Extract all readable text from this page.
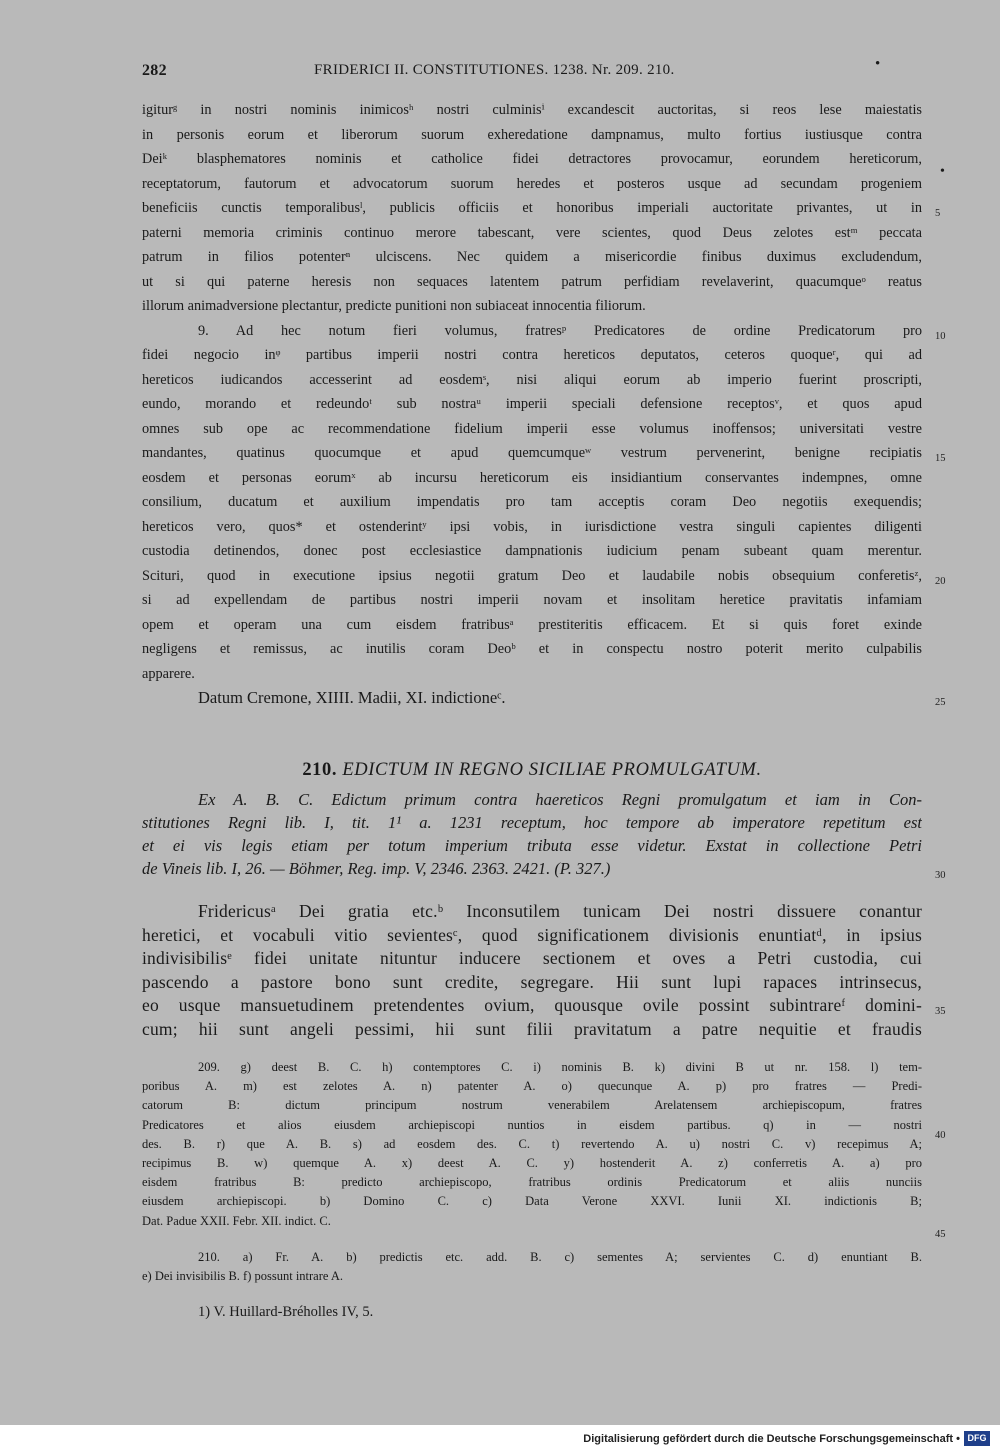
282	FRIDERICI II. CONSTITUTIONES. 1238. Nr. 209. 210.	•
•

igiturᵍ in nostri nominis inimicosʰ nostri culminisⁱ excandescit auctoritas, si reos lese maiestatis

in personis eorum et liberorum suorum exheredatione dampnamus, multo fortius iustiusque contra

Deiᵏ blasphematores nominis et catholice fidei detractores provocamur, eorundem hereticorum,

receptatorum, fautorum et advocatorum suorum heredes et posteros usque ad secundam progeniem

beneficiis cunctis temporalibusˡ, publicis officiis et honoribus imperiali auctoritate privantes, ut in

paterni memoria criminis continuo merore tabescant, vere scientes, quod Deus zelotes estᵐ peccata

patrum in filios potenterⁿ ulciscens. Nec quidem a misericordie finibus duximus excludendum,

ut si qui paterne heresis non sequaces latentem patrum perfidiam revelaverint, quacumqueᵒ reatus

illorum animadversione plectantur, predicte punitioni non subiaceat innocentia filiorum.

9. Ad hec notum fieri volumus, fratresᵖ Predicatores de ordine Predicatorum pro

fidei negocio inᵠ partibus imperii nostri contra hereticos deputatos, ceteros quoqueʳ, qui ad

hereticos iudicandos accesserint ad eosdemˢ, nisi aliqui eorum ab imperio fuerint proscripti,

eundo, morando et redeundoᵗ sub nostraᵘ imperii speciali defensione receptosᵛ, et quos apud

omnes sub ope ac recommendatione fidelium imperii esse volumus inoffensos; universitati vestre

mandantes, quatinus quocumque et apud quemcumqueʷ vestrum pervenerint, benigne recipiatis

eosdem et personas eorumˣ ab incursu hereticorum eis insidiantium conservantes indempnes, omne

consilium, ducatum et auxilium impendatis pro tam acceptis coram Deo negotiis exequendis;

hereticos vero, quos* et ostenderintʸ ipsi vobis, in iurisdictione vestra singuli capientes diligenti

custodia detinendos, donec post ecclesiastice dampnationis iudicium penam subeant quam merentur.

Scituri, quod in executione ipsius negotii gratum Deo et laudabile nobis obsequium conferetisᶻ,

si ad expellendam de partibus nostri imperii novam et insolitam heretice pravitatis infamiam

opem et operam una cum eisdem fratribusᵃ prestiteritis efficacem. Et si quis foret exinde

negligens et remissus, ac inutilis coram Deoᵇ et in conspectu nostro poterit merito culpabilis

apparere.

Datum Cremone, XIIII. Madii, XI. indictioneᶜ.

5
10
15
20
25
210. EDICTUM IN REGNO SICILIAE PROMULGATUM.

Ex A. B. C. Edictum primum contra haereticos Regni promulgatum et iam in Con-

stitutiones Regni lib. I, tit. 1¹ a. 1231 receptum, hoc tempore ab imperatore repetitum est

et ei vis legis etiam per totum imperium tributa esse videtur. Exstat in collectione Petri

de Vineis lib. I, 26. — Böhmer, Reg. imp. V, 2346. 2363. 2421. (P. 327.)	30

Fridericusᵃ Dei gratia etc.ᵇ Inconsutilem tunicam Dei nostri dissuere conantur

heretici, et vocabuli vitio sevientesᶜ, quod significationem divisionis enuntiatᵈ, in ipsius

indivisibilisᵉ fidei unitate nituntur inducere sectionem et oves a Petri custodia, cui

pascendo a pastore bono sunt credite, segregare. Hii sunt lupi rapaces intrinsecus,

eo usque mansuetudinem pretendentes ovium, quousque ovile possint subintrareᶠ domini-

cum; hii sunt angeli pessimi, hii sunt filii pravitatum a patre nequitie et fraudis

35

209. g) deest B. C. h) contemptores C. i) nominis B. k) divini B ut nr. 158. l) tem-

poribus A. m) est zelotes A. n) patenter A. o) quecunque A. p) pro fratres — Predi-

catorum B: dictum principum nostrum venerabilem Arelatensem archiepiscopum, fratres

Predicatores et alios eiusdem archiepiscopi nuntios in eisdem partibus. q) in — nostri

des. B. r) que A. B. s) ad eosdem des. C. t) revertendo A. u) nostri C. v) recepimus A;

recipimus B. w) quemque A. x) deest A. C. y) hostenderit A. z) conferretis A. a) pro

eisdem fratribus B: predicto archiepiscopo, fratribus ordinis Predicatorum et aliis nunciis

eiusdem archiepiscopi. b) Domino C. c) Data Verone XXVI. Iunii XI. indictionis B;

Dat. Padue XXII. Febr. XII. indict. C.

40

210. a) Fr. A. b) predictis etc. add. B. c) sementes A; servientes C. d) enuntiant B.

e) Dei invisibilis B. f) possunt intrare A.

45
1) V. Huillard-Bréholles IV, 5.
Digitalisierung gefördert durch die Deutsche Forschungsgemeinschaft • DFG
